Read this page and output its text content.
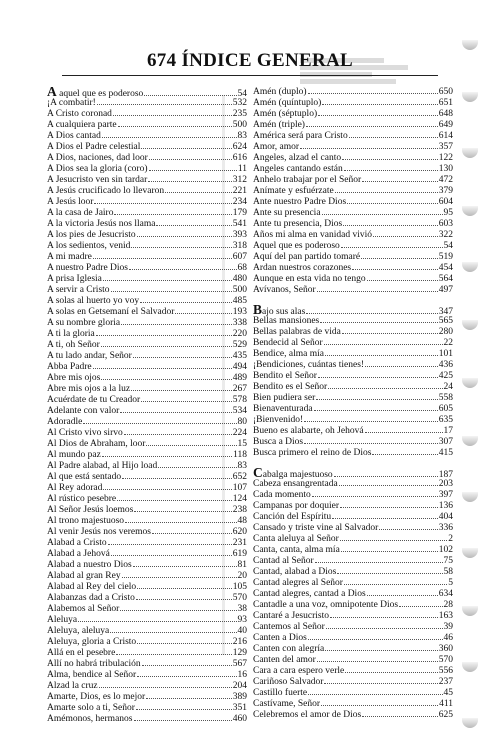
674 ÍNDICE GENERAL
A aquel que es poderoso	54
¡A combatir!	532
A Cristo coronad	235
A cualquiera parte	500
A Dios cantad	83
A Dios el Padre celestial	624
A Dios, naciones, dad loor	616
A Dios sea la gloria (coro)	11
A Jesucristo ven sin tardar	312
A Jesús crucificado lo llevaron	221
A Jesús loor	234
A la casa de Jairo	179
A la victoria Jesús nos llama	541
A los pies de Jesucristo	393
A los sedientos, venid	318
A mi madre	607
A nuestro Padre Dios	68
A prisa Iglesia	480
A servir a Cristo	500
A solas al huerto yo voy	485
A solas en Getsemaní el Salvador	193
A su nombre gloria	338
A ti la gloria	220
A ti, oh Señor	529
A tu lado andar, Señor	435
Abba Padre	494
Abre mis ojos	489
Abre mis ojos a la luz	267
Acuérdate de tu Creador	578
Adelante con valor	534
Adoradle	80
Al Cristo vivo sirvo	224
Al Dios de Abraham, loor	15
Al mundo paz	118
Al Padre alabad, al Hijo load	83
Al que está sentado	652
Al Rey adorad	107
Al rústico pesebre	124
Al Señor Jesús loemos	238
Al trono majestuoso	48
Al venir Jesús nos veremos	620
Alabad a Cristo	231
Alabad a Jehová	619
Alabad a nuestro Dios	81
Alabad al gran Rey	20
Alabad al Rey del cielo	105
Alabanzas dad a Cristo	570
Alabemos al Señor	38
Aleluya	93
Aleluya, aleluya	40
Aleluya, gloria a Cristo	216
Allá en el pesebre	129
Allí no habrá tribulación	567
Alma, bendice al Señor	16
Alzad la cruz	204
Amarte, Dios, es lo mejor	389
Amarte solo a ti, Señor	351
Amémonos, hermanos	460
Amén (duplo)	650
Amén (quíntuplo)	651
Amén (séptuplo)	648
Amén (triple)	649
América será para Cristo	614
Amor, amor	357
Ángeles, alzad el canto	122
Ángeles cantando están	130
Anhelo trabajar por el Señor	472
Anímate y esfuérzate	379
Ante nuestro Padre Dios	604
Ante su presencia	95
Ante tu presencia, Dios	603
Años mi alma en vanidad vivió	322
Aquel que es poderoso	54
Aquí del pan partido tomaré	519
Ardan nuestros corazones	454
Aunque en esta vida no tengo	564
Avívanos, Señor	497
Bajo sus alas	347
Bellas mansiones	565
Bellas palabras de vida	280
Bendecid al Señor	22
Bendice, alma mía	101
¡Bendiciones, cuántas tienes!	436
Bendito el Señor	425
Bendito es el Señor	24
Bien pudiera ser	558
Bienaventurada	605
¡Bienvenido!	635
Bueno es alabarte, oh Jehová	17
Busca a Dios	307
Busca primero el reino de Dios	415
Cabalga majestuoso	187
Cabeza ensangrentada	203
Cada momento	397
Campanas por doquier	136
Canción del Espíritu	404
Cansado y triste vine al Salvador	336
Canta aleluya al Señor	2
Canta, canta, alma mía	102
Cantad al Señor	75
Cantad, alabad a Dios	58
Cantad alegres al Señor	5
Cantad alegres, cantad a Dios	634
Cantadle a una voz, omnipotente Dios	28
Cantaré a Jesucristo	163
Cantemos al Señor	39
Canten a Dios	46
Canten con alegría	360
Canten del amor	570
Cara a cara espero verle	556
Cariñoso Salvador	237
Castillo fuerte	45
Castívame, Señor	411
Celebremos el amor de Dios	625
